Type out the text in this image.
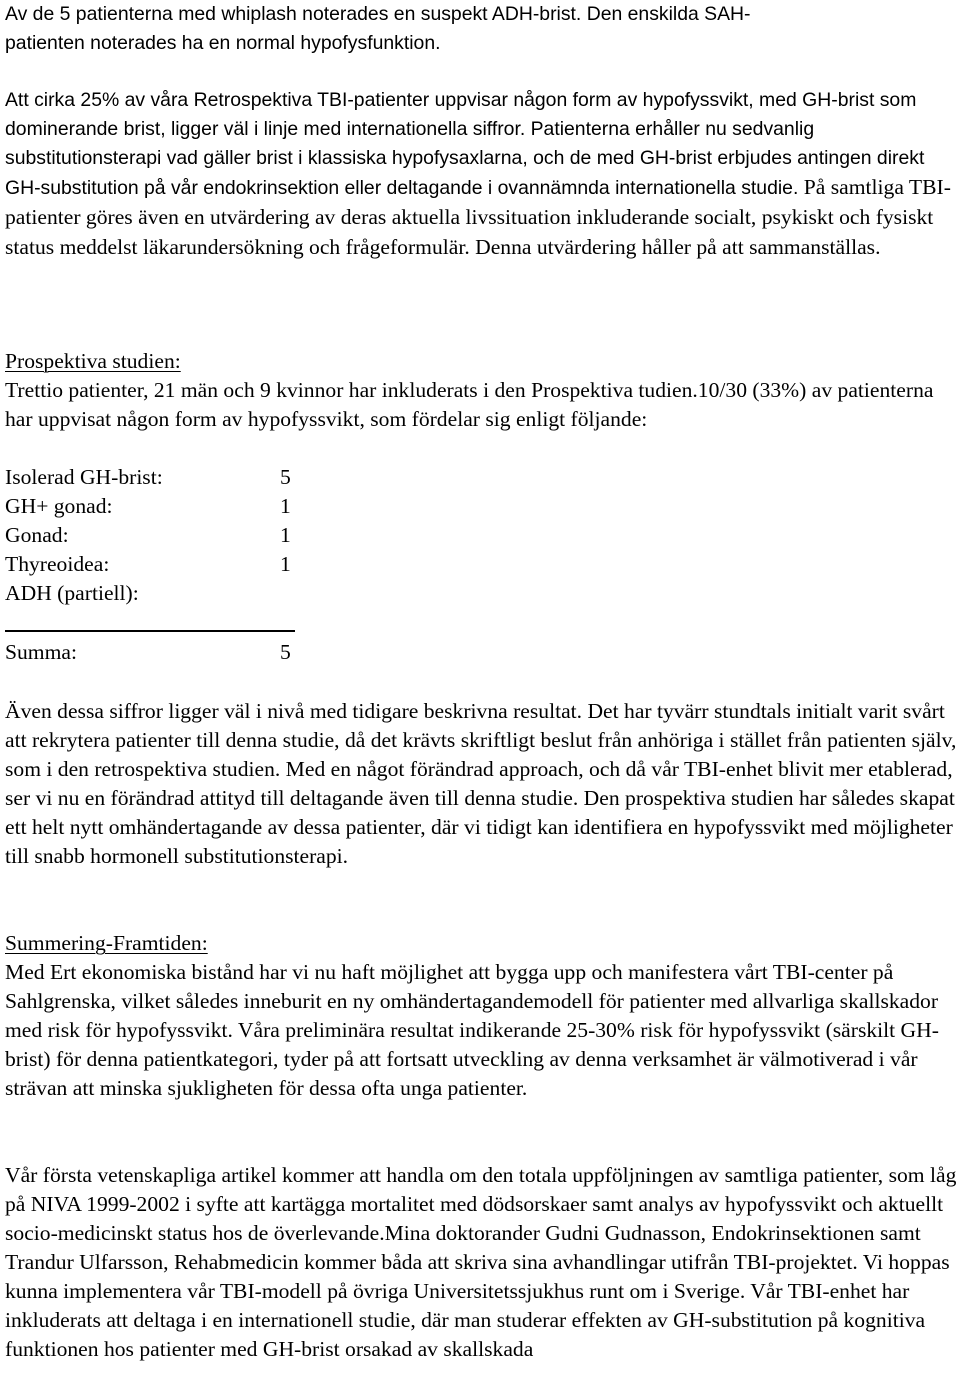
Av de 5 patienterna med whiplash noterades en suspekt ADH-brist. Den enskilda SAH-

patienten noterades ha en normal hypofysfunktion.

Att cirka 25% av våra Retrospektiva TBI-patienter uppvisar någon form av hypofyssvikt, med GH-brist som dominerande brist, ligger väl i linje med internationella siffror. Patienterna erhåller nu sedvanlig substitutionsterapi vad gäller brist i klassiska hypofysaxlarna, och de med GH-brist erbjudes antingen direkt GH-substitution på vår endokrinsektion eller deltagande i ovannämnda internationella studie. På samtliga TBI-patienter göres även en utvärdering av deras aktuella livssituation inkluderande socialt, psykiskt och fysiskt status meddelst läkarundersökning och frågeformulär. Denna utvärdering håller på att sammanställas.

Prospektiva studien:

Trettio patienter, 21 män och 9 kvinnor har inkluderats i den Prospektiva tudien.10/30 (33%) av patienterna har uppvisat någon form av hypofyssvikt, som fördelar sig enligt följande:

Isolerad GH-brist:	5
GH+ gonad:	1
Gonad:	1
Thyreoidea:	1
ADH (partiell):
Summa:	5

Även dessa siffror ligger väl i nivå med tidigare beskrivna resultat. Det har tyvärr stundtals initialt varit svårt att rekrytera patienter till denna studie, då det krävts skriftligt beslut från anhöriga i stället från patienten själv, som i den retrospektiva studien. Med en något förändrad approach, och då vår TBI-enhet blivit mer etablerad, ser vi nu en förändrad attityd till deltagande även till denna studie. Den prospektiva studien har således skapat ett helt nytt omhändertagande av dessa patienter, där vi tidigt kan identifiera en hypofyssvikt med möjligheter till snabb hormonell substitutionsterapi.

Summering-Framtiden:

Med Ert ekonomiska bistånd har vi nu haft möjlighet att bygga upp och manifestera vårt TBI-center på Sahlgrenska, vilket således inneburit en ny omhändertagandemodell för patienter med allvarliga skallskador med risk för hypofyssvikt. Våra preliminära resultat indikerande 25-30% risk för hypofyssvikt (särskilt GH-brist) för denna patientkategori, tyder på att fortsatt utveckling av denna verksamhet är välmotiverad i vår strävan att minska sjukligheten för dessa ofta unga patienter.

Vår första vetenskapliga artikel kommer att handla om den totala uppföljningen av samtliga patienter, som låg på NIVA 1999-2002 i syfte att kartägga mortalitet med dödsorskaer samt analys av hypofyssvikt och aktuellt socio-medicinskt status hos de överlevande.Mina doktorander Gudni Gudnasson, Endokrinsektionen samt Trandur Ulfarsson, Rehabmedicin kommer båda att skriva sina avhandlingar utifrån TBI-projektet. Vi hoppas kunna implementera vår TBI-modell på övriga Universitetssjukhus runt om i Sverige. Vår TBI-enhet har inkluderats att deltaga i en internationell studie, där man studerar effekten av GH-substitution på kognitiva funktionen hos patienter med GH-brist orsakad av skallskada
